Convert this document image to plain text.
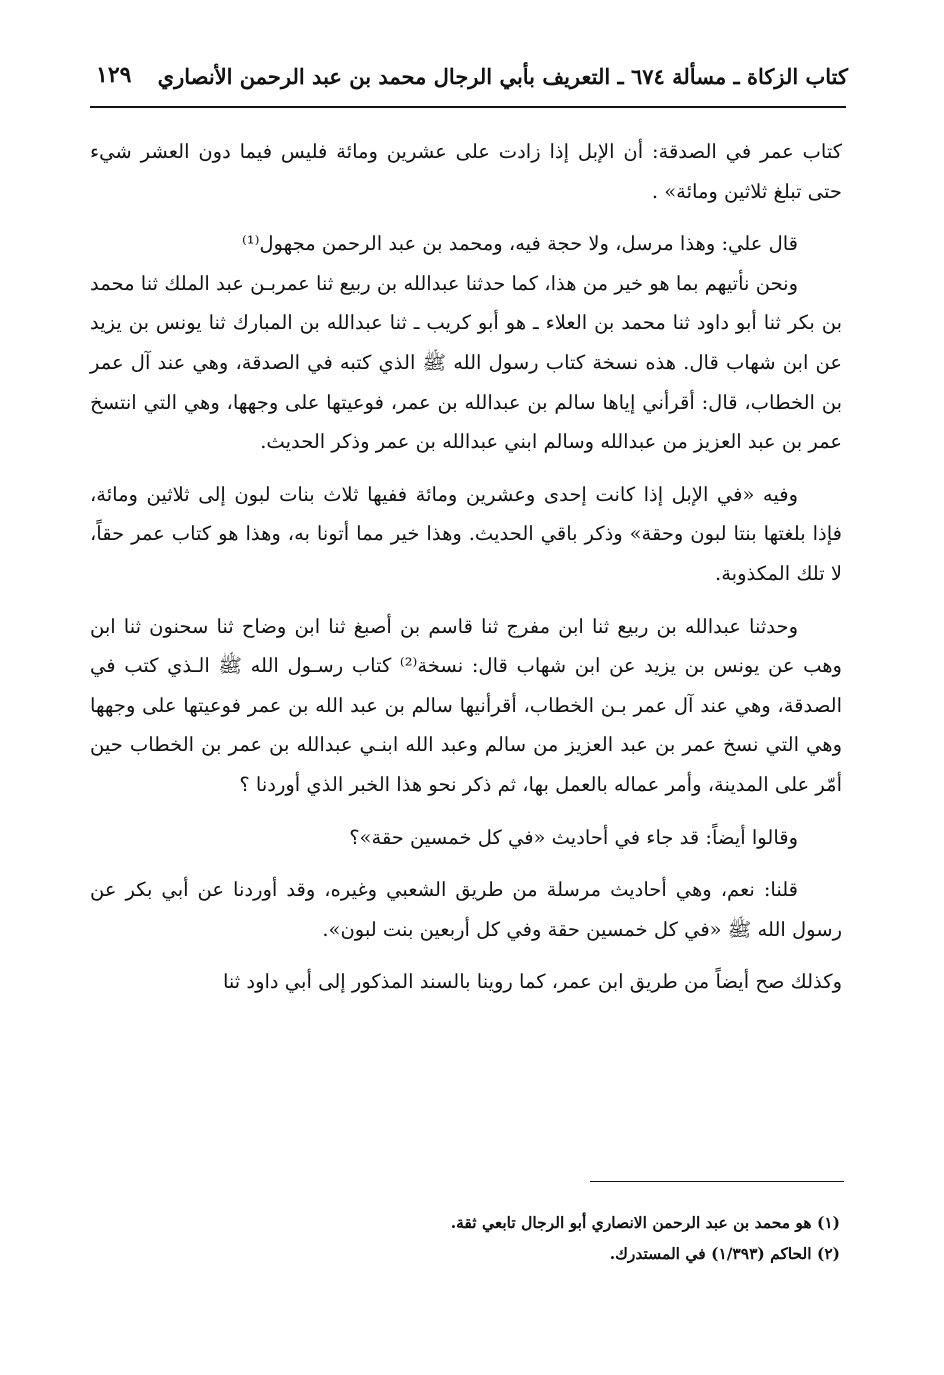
كتاب الزكاة ـ مسألة ٦٧٤ ـ التعريف بأبي الرجال محمد بن عبد الرحمن الأنصاري
١٢٩

كتاب عمر في الصدقة: أن الإبل إذا زادت على عشرين ومائة فليس فيما دون العشر شيء حتى تبلغ ثلاثين ومائة» .

قال علي: وهذا مرسل، ولا حجة فيه، ومحمد بن عبد الرحمن مجهول⁽¹⁾

ونحن نأتيهم بما هو خير من هذا، كما حدثنا عبدالله بن ربيع ثنا عمربـن عبد الملك ثنا محمد بن بكر ثنا أبو داود ثنا محمد بن العلاء ـ هو أبو كريب ـ ثنا عبدالله بن المبارك ثنا يونس بن يزيد عن ابن شهاب قال. هذه نسخة كتاب رسول الله ﷺ الذي كتبه في الصدقة، وهي عند آل عمر بن الخطاب، قال: أقرأني إياها سالم بن عبدالله بن عمر، فوعيتها على وجهها، وهي التي انتسخ عمر بن عبد العزيز من عبدالله وسالم ابني عبدالله بن عمر وذكر الحديث.

وفيه «في الإبل إذا كانت إحدى وعشرين ومائة ففيها ثلاث بنات لبون إلى ثلاثين ومائة، فإذا بلغتها بنتا لبون وحقة» وذكر باقي الحديث. وهذا خير مما أتونا به، وهذا هو كتاب عمر حقاً، لا تلك المكذوبة.

وحدثنا عبدالله بن ربيع ثنا ابن مفرج ثنا قاسم بن أصبغ ثنا ابن وضاح ثنا سحنون ثنا ابن وهب عن يونس بن يزيد عن ابن شهاب قال: نسخة⁽²⁾ كتاب رسـول الله ﷺ الـذي كتب في الصدقة، وهي عند آل عمر بـن الخطاب، أقرأنيها سالم بن عبد الله بن عمر فوعيتها على وجهها وهي التي نسخ عمر بن عبد العزيز من سالم وعبد الله ابنـي عبدالله بن عمر بن الخطاب حين أمّر على المدينة، وأمر عماله بالعمل بها، ثم ذكر نحو هذا الخبر الذي أوردنا ؟

وقالوا أيضاً: قد جاء في أحاديث «في كل خمسين حقة»؟

قلنا: نعم، وهي أحاديث مرسلة من طريق الشعبي وغيره، وقد أوردنا عن أبي بكر عن رسول الله ﷺ «في كل خمسين حقة وفي كل أربعين بنت لبون».

وكذلك صح أيضاً من طريق ابن عمر، كما روينا بالسند المذكور إلى أبي داود ثنا

(١) هو محمد بن عبد الرحمن الانصاري أبو الرجال تابعي ثقة.

(٢) الحاكم (١/٣٩٣) في المستدرك.
